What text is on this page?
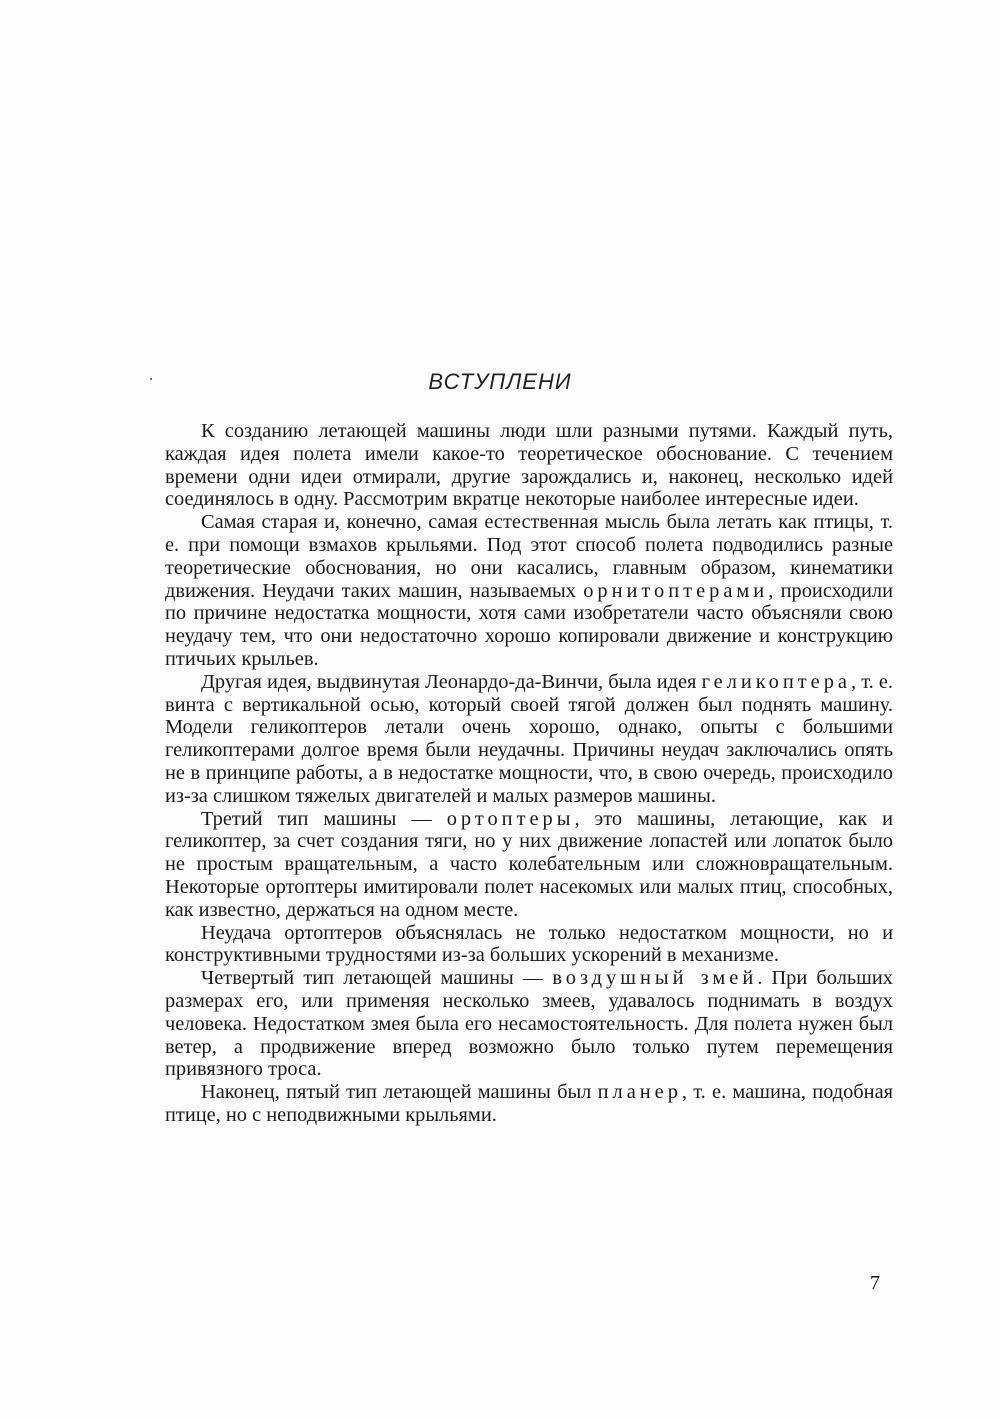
ВСТУПЛЕНИ

К созданию летающей машины люди шли разными путями. Каждый путь, каждая идея полета имели какое-то теоретическое обоснование. С течением времени одни идеи отмирали, другие зарождались и, наконец, несколько идей соединялось в одну. Рассмотрим вкратце некоторые наиболее интересные идеи.

Самая старая и, конечно, самая естественная мысль была летать как птицы, т. е. при помощи взмахов крыльями. Под этот способ полета подводились разные теоретические обоснования, но они касались, главным образом, кинематики движения. Неудачи таких машин, называемых орнитоптерами, происходили по причине недостатка мощности, хотя сами изобретатели часто объясняли свою неудачу тем, что они недостаточно хорошо копировали движение и конструкцию птичьих крыльев.

Другая идея, выдвинутая Леонардо-да-Винчи, была идея геликоптера, т. е. винта с вертикальной осью, который своей тягой должен был поднять машину. Модели геликоптеров летали очень хорошо, однако, опыты с большими геликоптерами долгое время были неудачны. Причины неудач заключались опять не в принципе работы, а в недостатке мощности, что, в свою очередь, происходило из-за слишком тяжелых двигателей и малых размеров машины.

Третий тип машины — ортоптеры, это машины, летающие, как и геликоптер, за счет создания тяги, но у них движение лопастей или лопаток было не простым вращательным, а часто колебательным или сложновращательным. Некоторые ортоптеры имитировали полет насекомых или малых птиц, способных, как известно, держаться на одном месте.

Неудача ортоптеров объяснялась не только недостатком мощности, но и конструктивными трудностями из-за больших ускорений в механизме.

Четвертый тип летающей машины — воздушный змей. При больших размерах его, или применяя несколько змеев, удавалось поднимать в воздух человека. Недостатком змея была его несамостоятельность. Для полета нужен был ветер, а продвижение вперед возможно было только путем перемещения привязного троса.

Наконец, пятый тип летающей машины был планер, т. е. машина, подобная птице, но с неподвижными крыльями.

7
